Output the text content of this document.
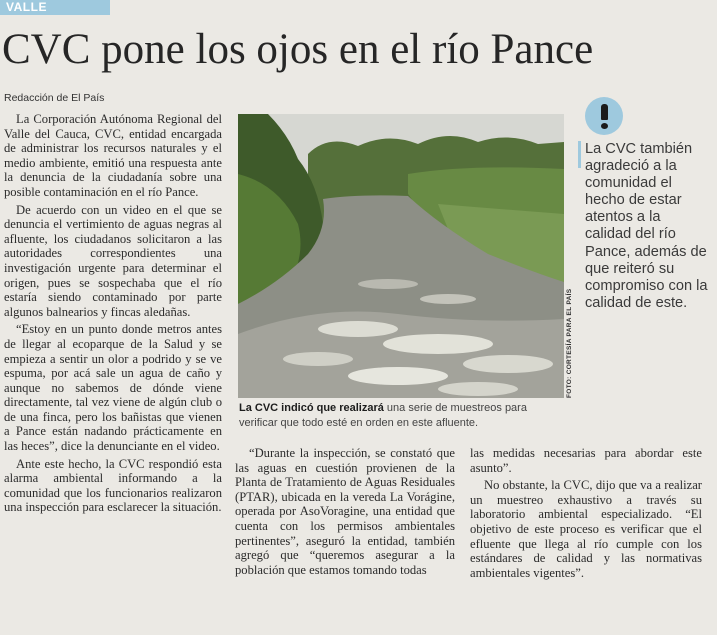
VALLE
CVC pone los ojos en el río Pance
Redacción de El País

La Corporación Autónoma Regional del Valle del Cauca, CVC, entidad encargada de administrar los recursos naturales y el medio ambiente, emitió una respuesta ante la denuncia de la ciudadanía sobre una posible contaminación en el río Pance.

De acuerdo con un video en el que se denuncia el vertimiento de aguas negras al afluente, los ciudadanos solicitaron a las autoridades correspondientes una investigación urgente para determinar el origen, pues se sospechaba que el río estaría siendo contaminado por parte algunos balnearios y fincas aledañas.

“Estoy en un punto donde metros antes de llegar al ecoparque de la Salud y se empieza a sentir un olor a podrido y se ve espuma, por acá sale un agua de caño y aunque no sabemos de dónde viene directamente, tal vez viene de algún club o de una finca, pero los bañistas que vienen a Pance están nadando prácticamente en las heces”, dice la denunciante en el video.

Ante este hecho, la CVC respondió esta alarma ambiental informando a la comunidad que los funcionarios realizaron una inspección para esclarecer la situación.

FOTO: CORTESÍA PARA EL PAÍS
La CVC indicó que realizará una serie de muestreos para verificar que todo esté en orden en este afluente.
La CVC también agradeció a la comunidad el hecho de estar atentos a la calidad del río Pance, además de que reiteró su compromiso con la calidad de este.

“Durante la inspección, se constató que las aguas en cuestión provienen de la Planta de Tratamiento de Aguas Residuales (PTAR), ubicada en la vereda La Vorágine, operada por AsoVoragine, una entidad que cuenta con los permisos ambientales pertinentes”, aseguró la entidad, también agregó que “queremos asegurar a la población que estamos tomando todas

las medidas necesarias para abordar este asunto”.

No obstante, la CVC, dijo que va a realizar un muestreo exhaustivo a través su laboratorio ambiental especializado. “El objetivo de este proceso es verificar que el efluente que llega al río cumple con los estándares de calidad y las normativas ambientales vigentes”.
